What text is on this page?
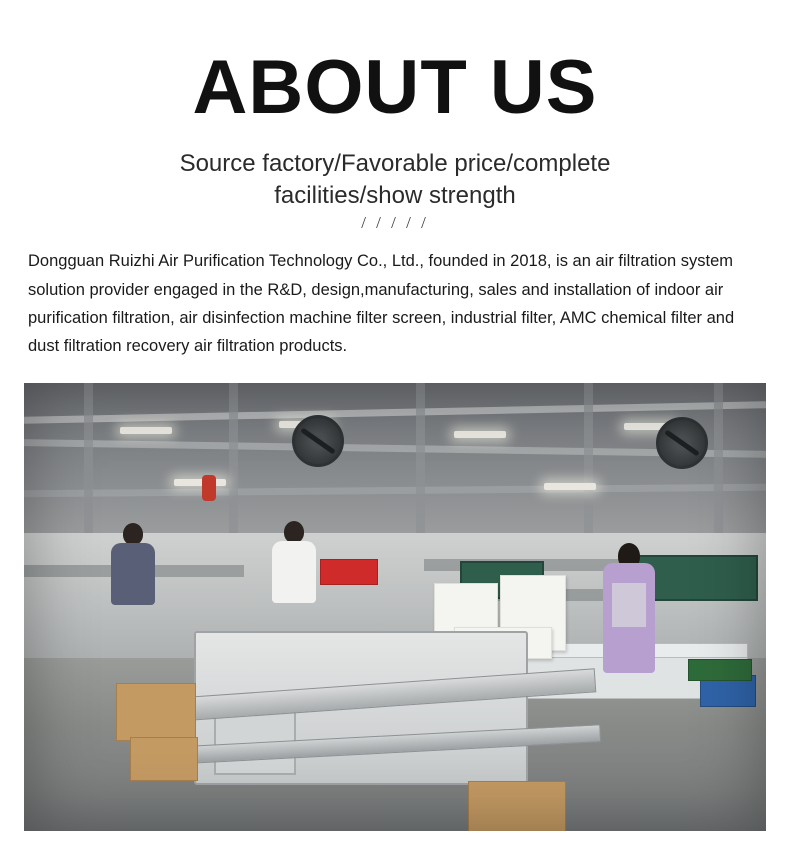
ABOUT US
Source factory/Favorable price/complete facilities/show strength
/ / / / /

Dongguan Ruizhi Air Purification Technology Co., Ltd., founded in 2018, is an air filtration system solution provider engaged in the R&D, design,manufacturing, sales and installation of indoor air purification filtration, air disinfection machine filter screen, industrial filter, AMC chemical filter and dust filtration recovery air filtration products.
